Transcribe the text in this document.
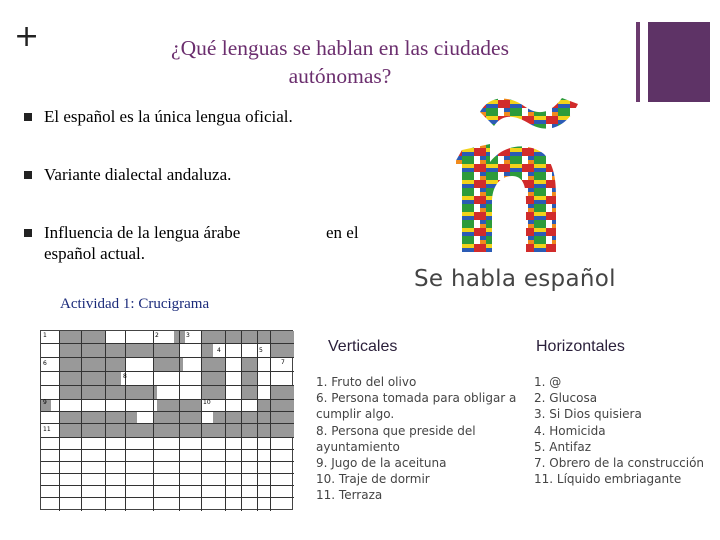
+	¿Qué lenguas se hablan en las ciudades autónomas?
El español es la única lengua oficial.
Variante dialectal andaluza.
Influencia de la lengua árabe	en el
español actual.
Se habla español
Actividad 1: Crucigrama
1	2	3
4	5
6	7
8
9	10
11
Verticales	Horizontales
1. Fruto del olivo
6. Persona tomada para obligar a
cumplir algo.
8. Persona que preside del
ayuntamiento
9. Jugo de la aceituna
10. Traje de dormir
11. Terraza
1. @
2. Glucosa
3. Si Dios quisiera
4. Homicida
5. Antifaz
7. Obrero de la construcción
11. Líquido embriagante
